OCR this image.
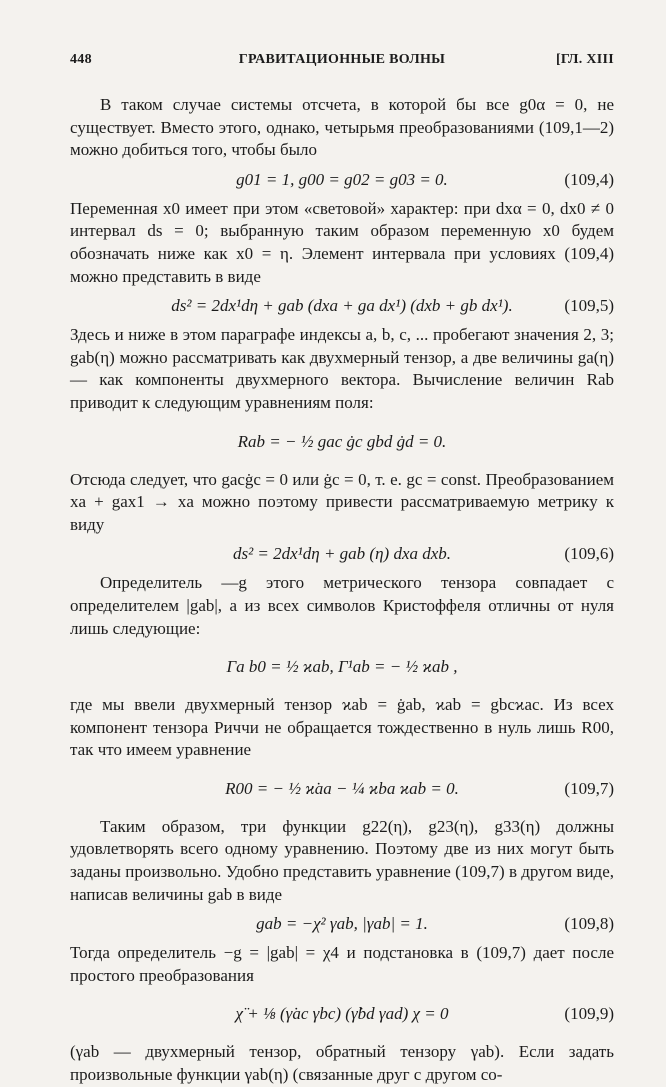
448	ГРАВИТАЦИОННЫЕ ВОЛНЫ	[ГЛ. XIII

В таком случае системы отсчета, в которой бы все g0α = 0, не существует. Вместо этого, однако, четырьмя преобразованиями (109,1—2) можно добиться того, чтобы было

g01 = 1, g00 = g02 = g03 = 0.	(109,4)

Переменная x0 имеет при этом «световой» характер: при dxα = 0, dx0 ≠ 0 интервал ds = 0; выбранную таким образом переменную x0 будем обозначать ниже как x0 = η. Элемент интервала при условиях (109,4) можно представить в виде

ds² = 2dx¹dη + gab (dxa + ga dx¹) (dxb + gb dx¹).	(109,5)

Здесь и ниже в этом параграфе индексы a, b, c, ... пробегают значения 2, 3; gab(η) можно рассматривать как двухмерный тензор, а две величины ga(η) — как компоненты двухмерного вектора. Вычисление величин Rab приводит к следующим уравнениям поля:

Rab = − ½ gac ġc gbd ġd = 0.

Отсюда следует, что gacġc = 0 или ġc = 0, т. е. gc = const. Преобразованием xa + gax1 → xa можно поэтому привести рассматриваемую метрику к виду

ds² = 2dx¹dη + gab (η) dxa dxb.	(109,6)

Определитель —g этого метрического тензора совпадает с определителем |gab|, а из всех символов Кристоффеля отличны от нуля лишь следующие:

Γa b0 = ½ ϰab, Γ¹ab = − ½ ϰab ,

где мы ввели двухмерный тензор ϰab = ġab, ϰab = gbcϰac. Из всех компонент тензора Риччи не обращается тождественно в нуль лишь R00, так что имеем уравнение

R00 = − ½ ϰ̇aa − ¼ ϰba ϰab = 0.	(109,7)

Таким образом, три функции g22(η), g23(η), g33(η) должны удовлетворять всего одному уравнению. Поэтому две из них могут быть заданы произвольно. Удобно представить уравнение (109,7) в другом виде, написав величины gab в виде

gab = −χ² γab, |γab| = 1.	(109,8)

Тогда определитель −g = |gab| = χ4 и подстановка в (109,7) дает после простого преобразования

χ̈ + ⅛ (γ̇ac γbc) (γ̇bd γad) χ = 0	(109,9)

(γab — двухмерный тензор, обратный тензору γab). Если задать произвольные функции γab(η) (связанные друг с другом со-
